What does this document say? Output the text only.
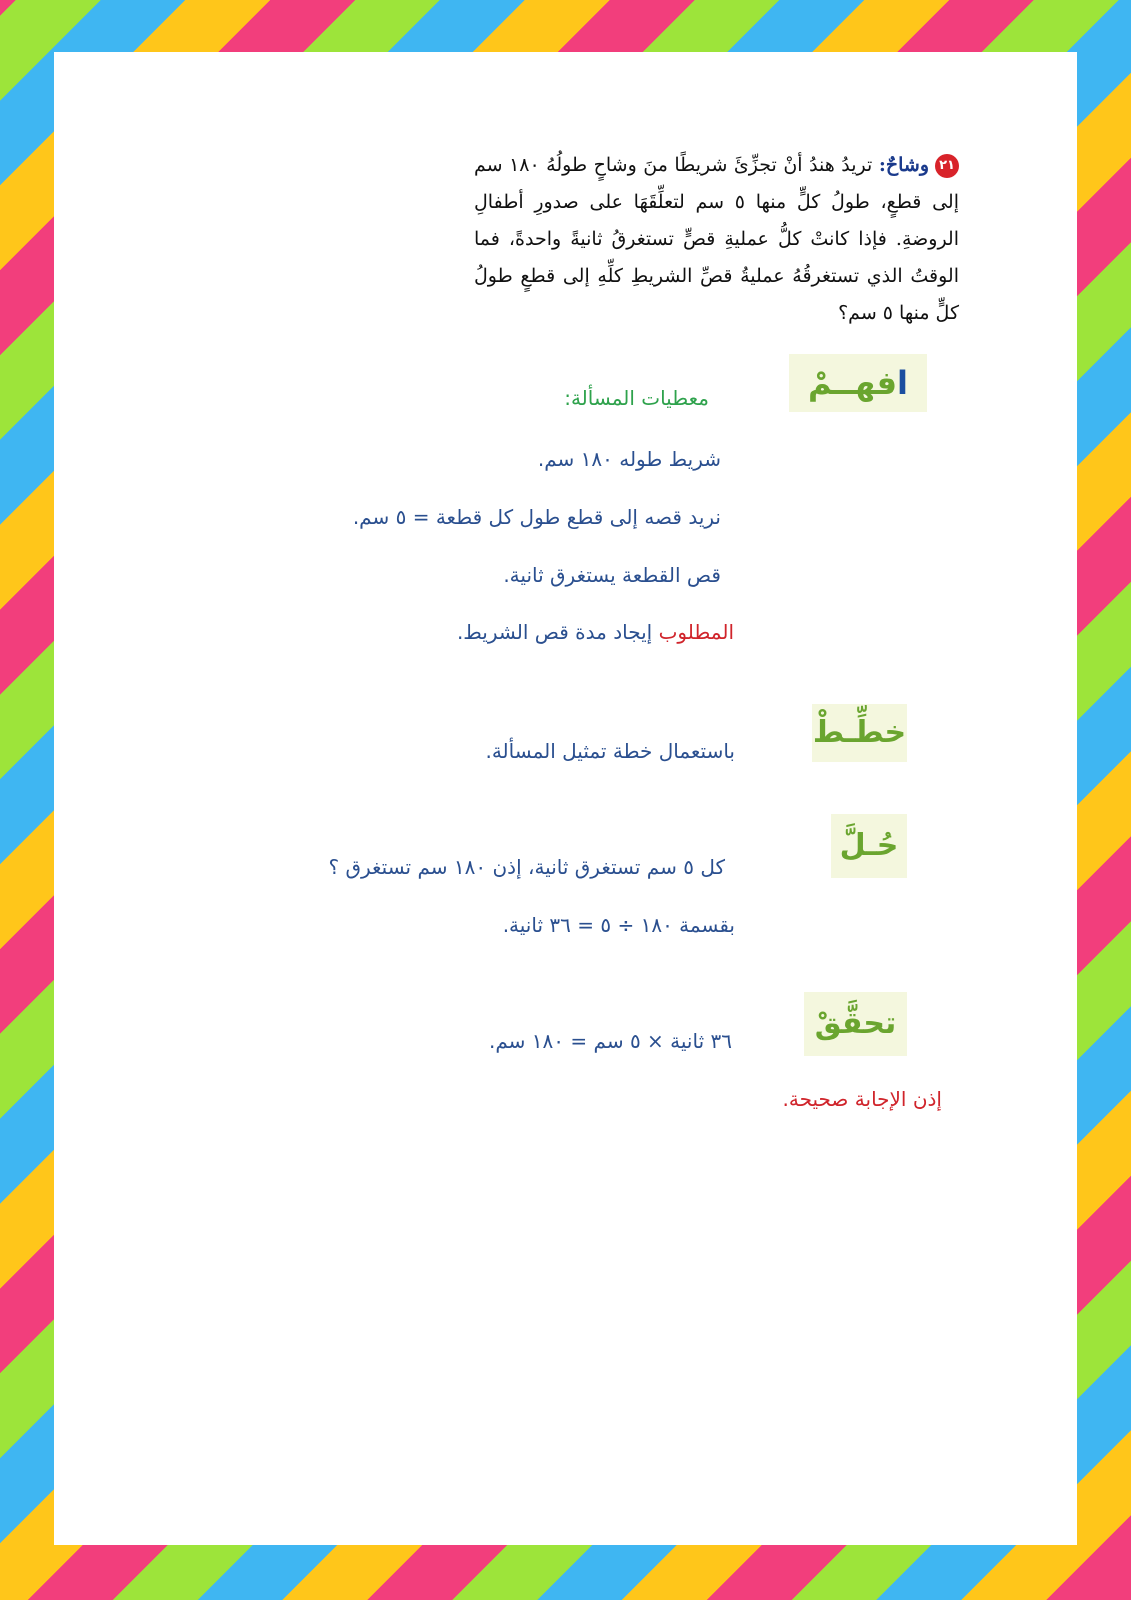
٢١وشاحٌ: تريدُ هندُ أنْ تجزِّئَ شريطًا منَ وشاحٍ طولُهُ ١٨٠ سم إلى قطعٍ، طولُ كلٍّ منها ٥ سم لتعلِّقَهَا على صدورِ أطفالِ الروضةِ. فإذا كانتْ كلُّ عمليةِ قصٍّ تستغرقُ ثانيةً واحدةً، فما الوقتُ الذي تستغرقُهُ عمليةُ قصِّ الشريطِ كلِّهِ إلى قطعٍ طولُ كلٍّ منها ٥ سم؟
افهــمْ
معطيات المسألة:
شريط طوله ١٨٠ سم.
نريد قصه إلى قطع طول كل قطعة = ٥ سم.
قص القطعة يستغرق ثانية.
المطلوب إيجاد مدة قص الشريط.
خطِّـطْ
باستعمال خطة تمثيل المسألة.
حُـلَّ
كل ٥ سم تستغرق ثانية، إذن ١٨٠ سم تستغرق ؟
بقسمة ١٨٠ ÷ ٥ = ٣٦ ثانية.
تحقَّقْ
٣٦ ثانية × ٥ سم = ١٨٠ سم.
إذن الإجابة صحيحة.
